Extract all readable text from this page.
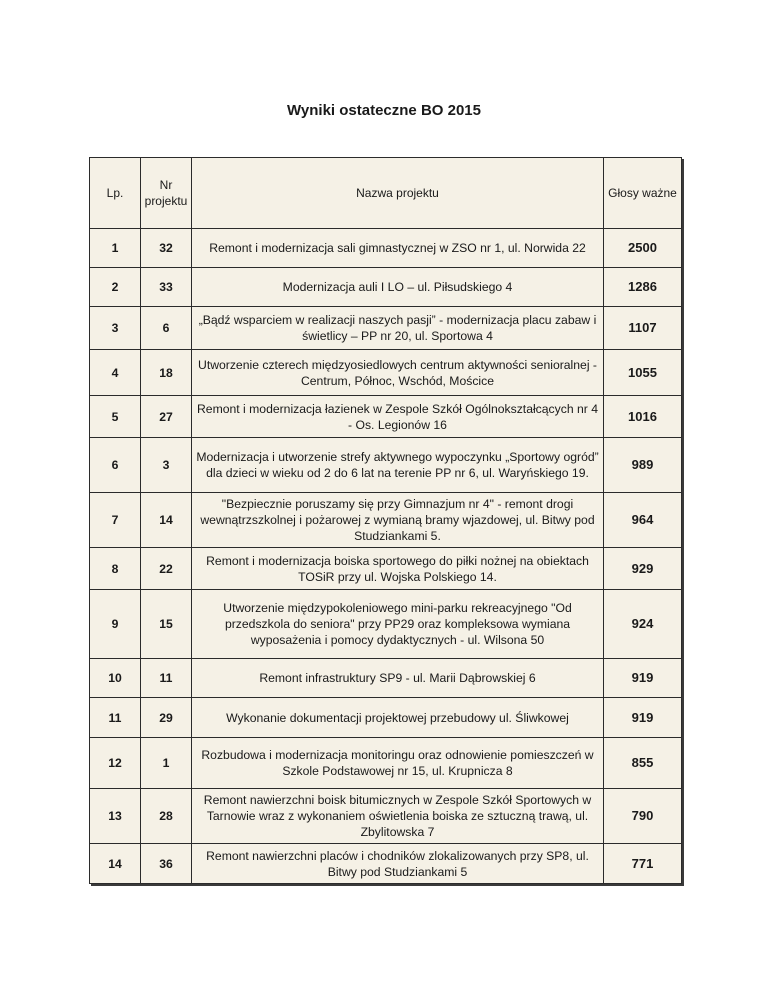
Wyniki ostateczne BO 2015
Lp.	Nr projektu	Nazwa projektu	Głosy ważne
1	32	Remont i modernizacja sali gimnastycznej w ZSO nr 1, ul. Norwida 22	2500
2	33	Modernizacja auli I LO – ul. Piłsudskiego 4	1286
3	6	„Bądź wsparciem w realizacji naszych pasji” - modernizacja placu zabaw i świetlicy – PP nr 20, ul. Sportowa 4	1107
4	18	Utworzenie czterech międzyosiedlowych centrum aktywności senioralnej - Centrum, Północ, Wschód, Mościce	1055
5	27	Remont i modernizacja łazienek w Zespole Szkół Ogólnokształcących nr 4 - Os. Legionów 16	1016
6	3	Modernizacja i utworzenie strefy aktywnego wypoczynku „Sportowy ogród” dla dzieci w wieku od 2 do 6 lat na terenie PP nr 6, ul. Waryńskiego 19.	989
7	14	"Bezpiecznie poruszamy się przy Gimnazjum nr 4" - remont drogi wewnątrzszkolnej i pożarowej z wymianą bramy wjazdowej, ul. Bitwy pod Studziankami 5.	964
8	22	Remont i modernizacja boiska sportowego do piłki nożnej na obiektach TOSiR przy ul. Wojska Polskiego 14.	929
9	15	Utworzenie międzypokoleniowego mini-parku rekreacyjnego "Od przedszkola do seniora" przy PP29 oraz kompleksowa wymiana wyposażenia i pomocy dydaktycznych - ul. Wilsona 50	924
10	11	Remont infrastruktury SP9 - ul. Marii Dąbrowskiej 6	919
11	29	Wykonanie dokumentacji projektowej przebudowy ul. Śliwkowej	919
12	1	Rozbudowa i modernizacja monitoringu oraz odnowienie pomieszczeń w Szkole Podstawowej nr 15, ul. Krupnicza 8	855
13	28	Remont nawierzchni boisk bitumicznych w Zespole Szkół Sportowych w Tarnowie wraz z wykonaniem oświetlenia boiska ze sztuczną trawą, ul. Zbylitowska 7	790
14	36	Remont nawierzchni placów i chodników zlokalizowanych przy SP8, ul. Bitwy pod Studziankami 5	771
